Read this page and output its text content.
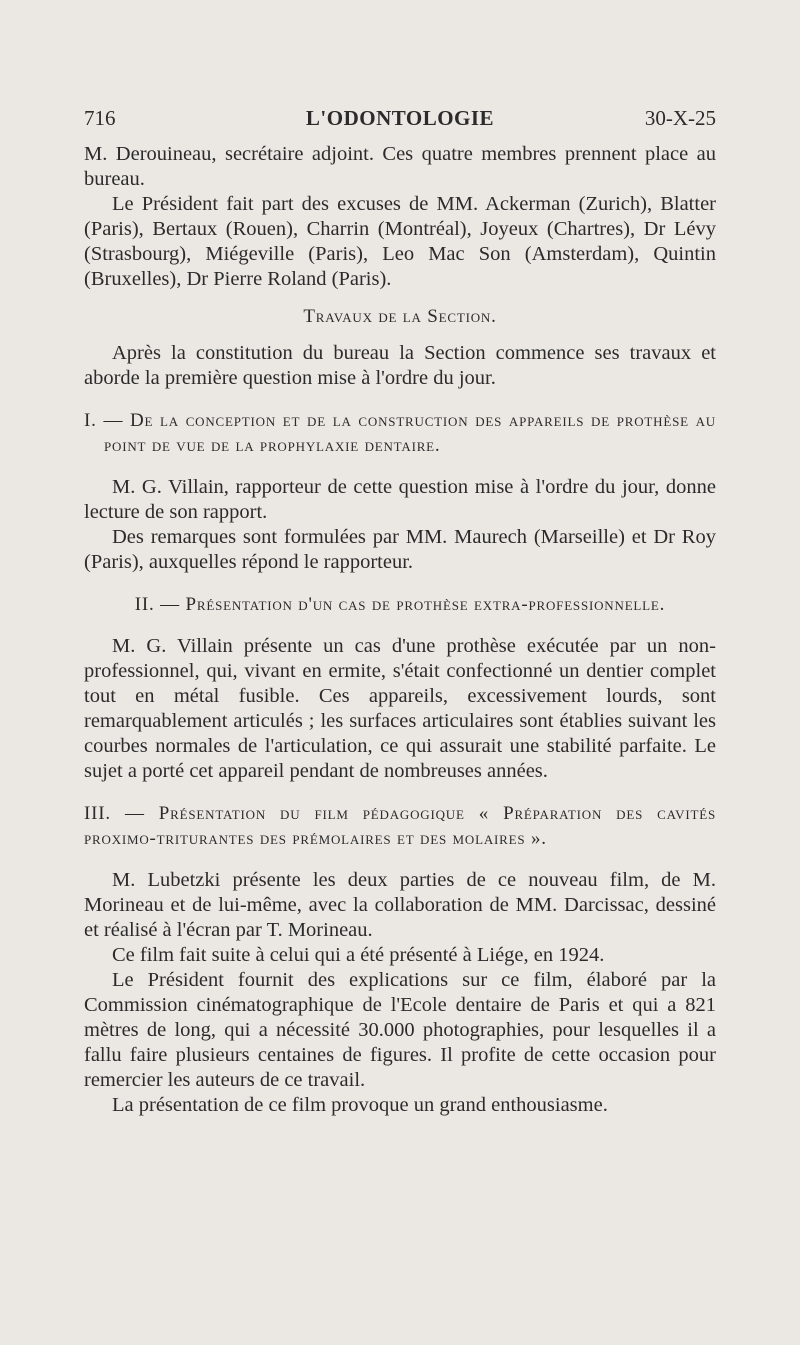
716	L'ODONTOLOGIE	30-X-25

M. Derouineau, secrétaire adjoint. Ces quatre membres prennent place au bureau.

Le Président fait part des excuses de MM. Ackerman (Zurich), Blatter (Paris), Bertaux (Rouen), Charrin (Montréal), Joyeux (Chartres), Dr Lévy (Strasbourg), Miégeville (Paris), Leo Mac Son (Amsterdam), Quintin (Bruxelles), Dr Pierre Roland (Paris).

Travaux de la Section.

Après la constitution du bureau la Section commence ses travaux et aborde la première question mise à l'ordre du jour.

I. — De la conception et de la construction des appareils de prothèse au point de vue de la prophylaxie dentaire.

M. G. Villain, rapporteur de cette question mise à l'ordre du jour, donne lecture de son rapport.

Des remarques sont formulées par MM. Maurech (Marseille) et Dr Roy (Paris), auxquelles répond le rapporteur.

II. — Présentation d'un cas de prothèse extra-professionnelle.

M. G. Villain présente un cas d'une prothèse exécutée par un non-professionnel, qui, vivant en ermite, s'était confectionné un dentier complet tout en métal fusible. Ces appareils, excessivement lourds, sont remarquablement articulés ; les surfaces articulaires sont établies suivant les courbes normales de l'articulation, ce qui assurait une stabilité parfaite. Le sujet a porté cet appareil pendant de nombreuses années.

III. — Présentation du film pédagogique « Préparation des cavités proximo-triturantes des prémolaires et des molaires ».

M. Lubetzki présente les deux parties de ce nouveau film, de M. Morineau et de lui-même, avec la collaboration de MM. Darcissac, dessiné et réalisé à l'écran par T. Morineau.

Ce film fait suite à celui qui a été présenté à Liége, en 1924.

Le Président fournit des explications sur ce film, élaboré par la Commission cinématographique de l'Ecole dentaire de Paris et qui a 821 mètres de long, qui a nécessité 30.000 photographies, pour lesquelles il a fallu faire plusieurs centaines de figures. Il profite de cette occasion pour remercier les auteurs de ce travail.

La présentation de ce film provoque un grand enthousiasme.
